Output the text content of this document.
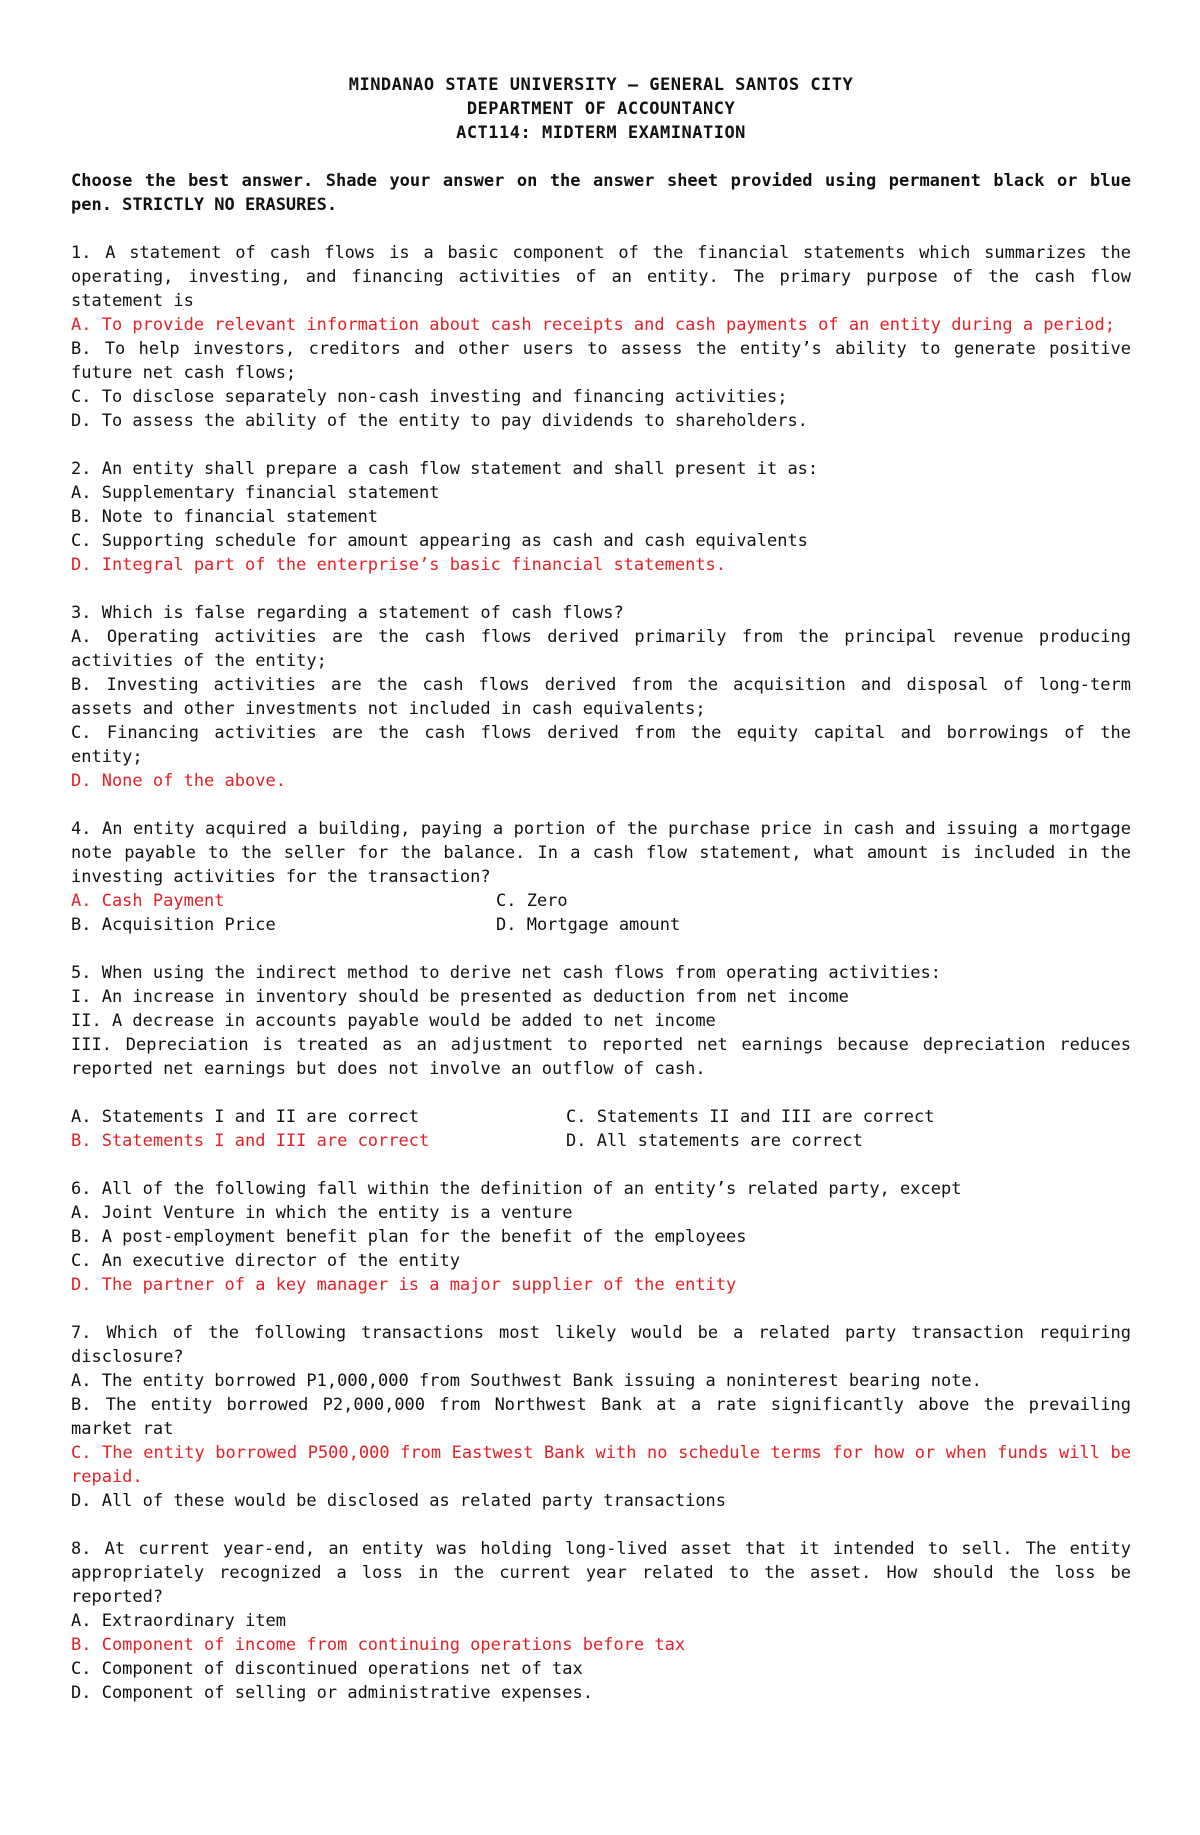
MINDANAO STATE UNIVERSITY – GENERAL SANTOS CITY
DEPARTMENT OF ACCOUNTANCY
ACT114: MIDTERM EXAMINATION
Choose the best answer. Shade your answer on the answer sheet provided using permanent black or blue pen. STRICTLY NO ERASURES.
1. A statement of cash flows is a basic component of the financial statements which summarizes the operating, investing, and financing activities of an entity. The primary purpose of the cash flow statement is
A. To provide relevant information about cash receipts and cash payments of an entity during a period;
B. To help investors, creditors and other users to assess the entity’s ability to generate positive future net cash flows;
C. To disclose separately non-cash investing and financing activities;
D. To assess the ability of the entity to pay dividends to shareholders.
2. An entity shall prepare a cash flow statement and shall present it as:
A. Supplementary financial statement
B. Note to financial statement
C. Supporting schedule for amount appearing as cash and cash equivalents
D. Integral part of the enterprise’s basic financial statements.
3. Which is false regarding a statement of cash flows?
A. Operating activities are the cash flows derived primarily from the principal revenue producing activities of the entity;
B. Investing activities are the cash flows derived from the acquisition and disposal of long-term assets and other investments not included in cash equivalents;
C. Financing activities are the cash flows derived from the equity capital and borrowings of the entity;
D. None of the above.
4. An entity acquired a building, paying a portion of the purchase price in cash and issuing a mortgage note payable to the seller for the balance. In a cash flow statement, what amount is included in the investing activities for the transaction?
A. Cash Payment	C. Zero
B. Acquisition Price	D. Mortgage amount
5. When using the indirect method to derive net cash flows from operating activities:
I. An increase in inventory should be presented as deduction from net income
II. A decrease in accounts payable would be added to net income
III. Depreciation is treated as an adjustment to reported net earnings because depreciation reduces reported net earnings but does not involve an outflow of cash.
A. Statements I and II are correct	C. Statements II and III are correct
B. Statements I and III are correct	D. All statements are correct
6. All of the following fall within the definition of an entity’s related party, except
A. Joint Venture in which the entity is a venture
B. A post-employment benefit plan for the benefit of the employees
C. An executive director of the entity
D. The partner of a key manager is a major supplier of the entity
7. Which of the following transactions most likely would be a related party transaction requiring disclosure?
A. The entity borrowed P1,000,000 from Southwest Bank issuing a noninterest bearing note.
B. The entity borrowed P2,000,000 from Northwest Bank at a rate significantly above the prevailing market rat
C. The entity borrowed P500,000 from Eastwest Bank with no schedule terms for how or when funds will be repaid.
D. All of these would be disclosed as related party transactions
8. At current year-end, an entity was holding long-lived asset that it intended to sell. The entity appropriately recognized a loss in the current year related to the asset. How should the loss be reported?
A. Extraordinary item
B. Component of income from continuing operations before tax
C. Component of discontinued operations net of tax
D. Component of selling or administrative expenses.
